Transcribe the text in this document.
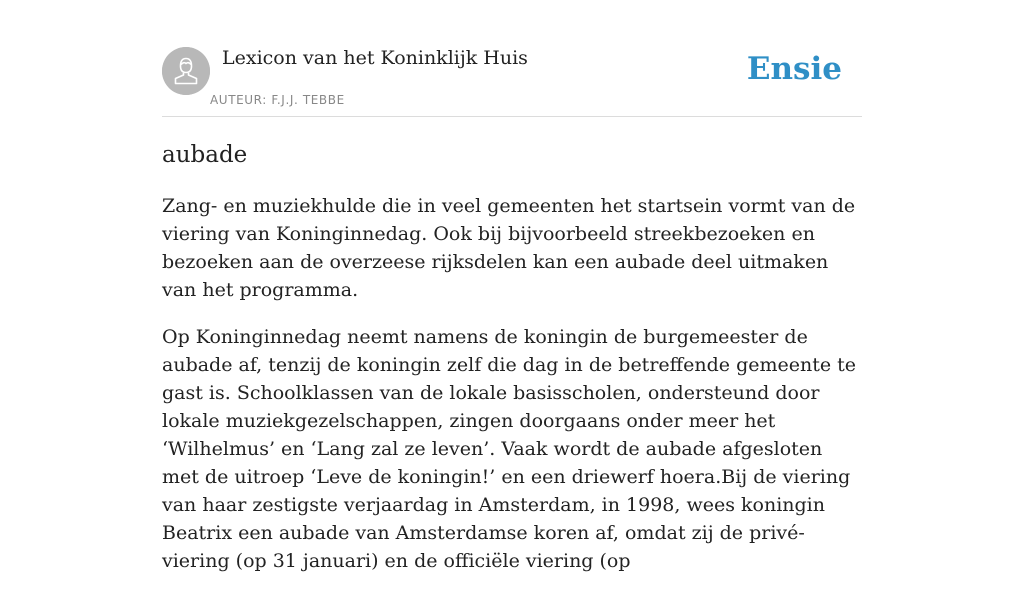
Lexicon van het Koninklijk Huis
AUTEUR: F.J.J. TEBBE
Ensie
aubade

Zang- en muziekhulde die in veel gemeenten het startsein vormt van de viering van Koninginnedag. Ook bij bijvoorbeeld streekbezoeken en bezoeken aan de overzeese rijksdelen kan een aubade deel uitmaken van het programma.

Op Koninginnedag neemt namens de koningin de burgemeester de aubade af, tenzij de koningin zelf die dag in de betreffende gemeente te gast is. Schoolklassen van de lokale basisscholen, ondersteund door lokale muziekgezelschappen, zingen doorgaans onder meer het ‘Wilhelmus’ en ‘Lang zal ze leven’. Vaak wordt de aubade afgesloten met de uitroep ‘Leve de koningin!’ en een driewerf hoera.Bij de viering van haar zestigste verjaardag in Amsterdam, in 1998, wees koningin Beatrix een aubade van Amsterdamse koren af, omdat zij de privé-viering (op 31 januari) en de officiële viering (op
